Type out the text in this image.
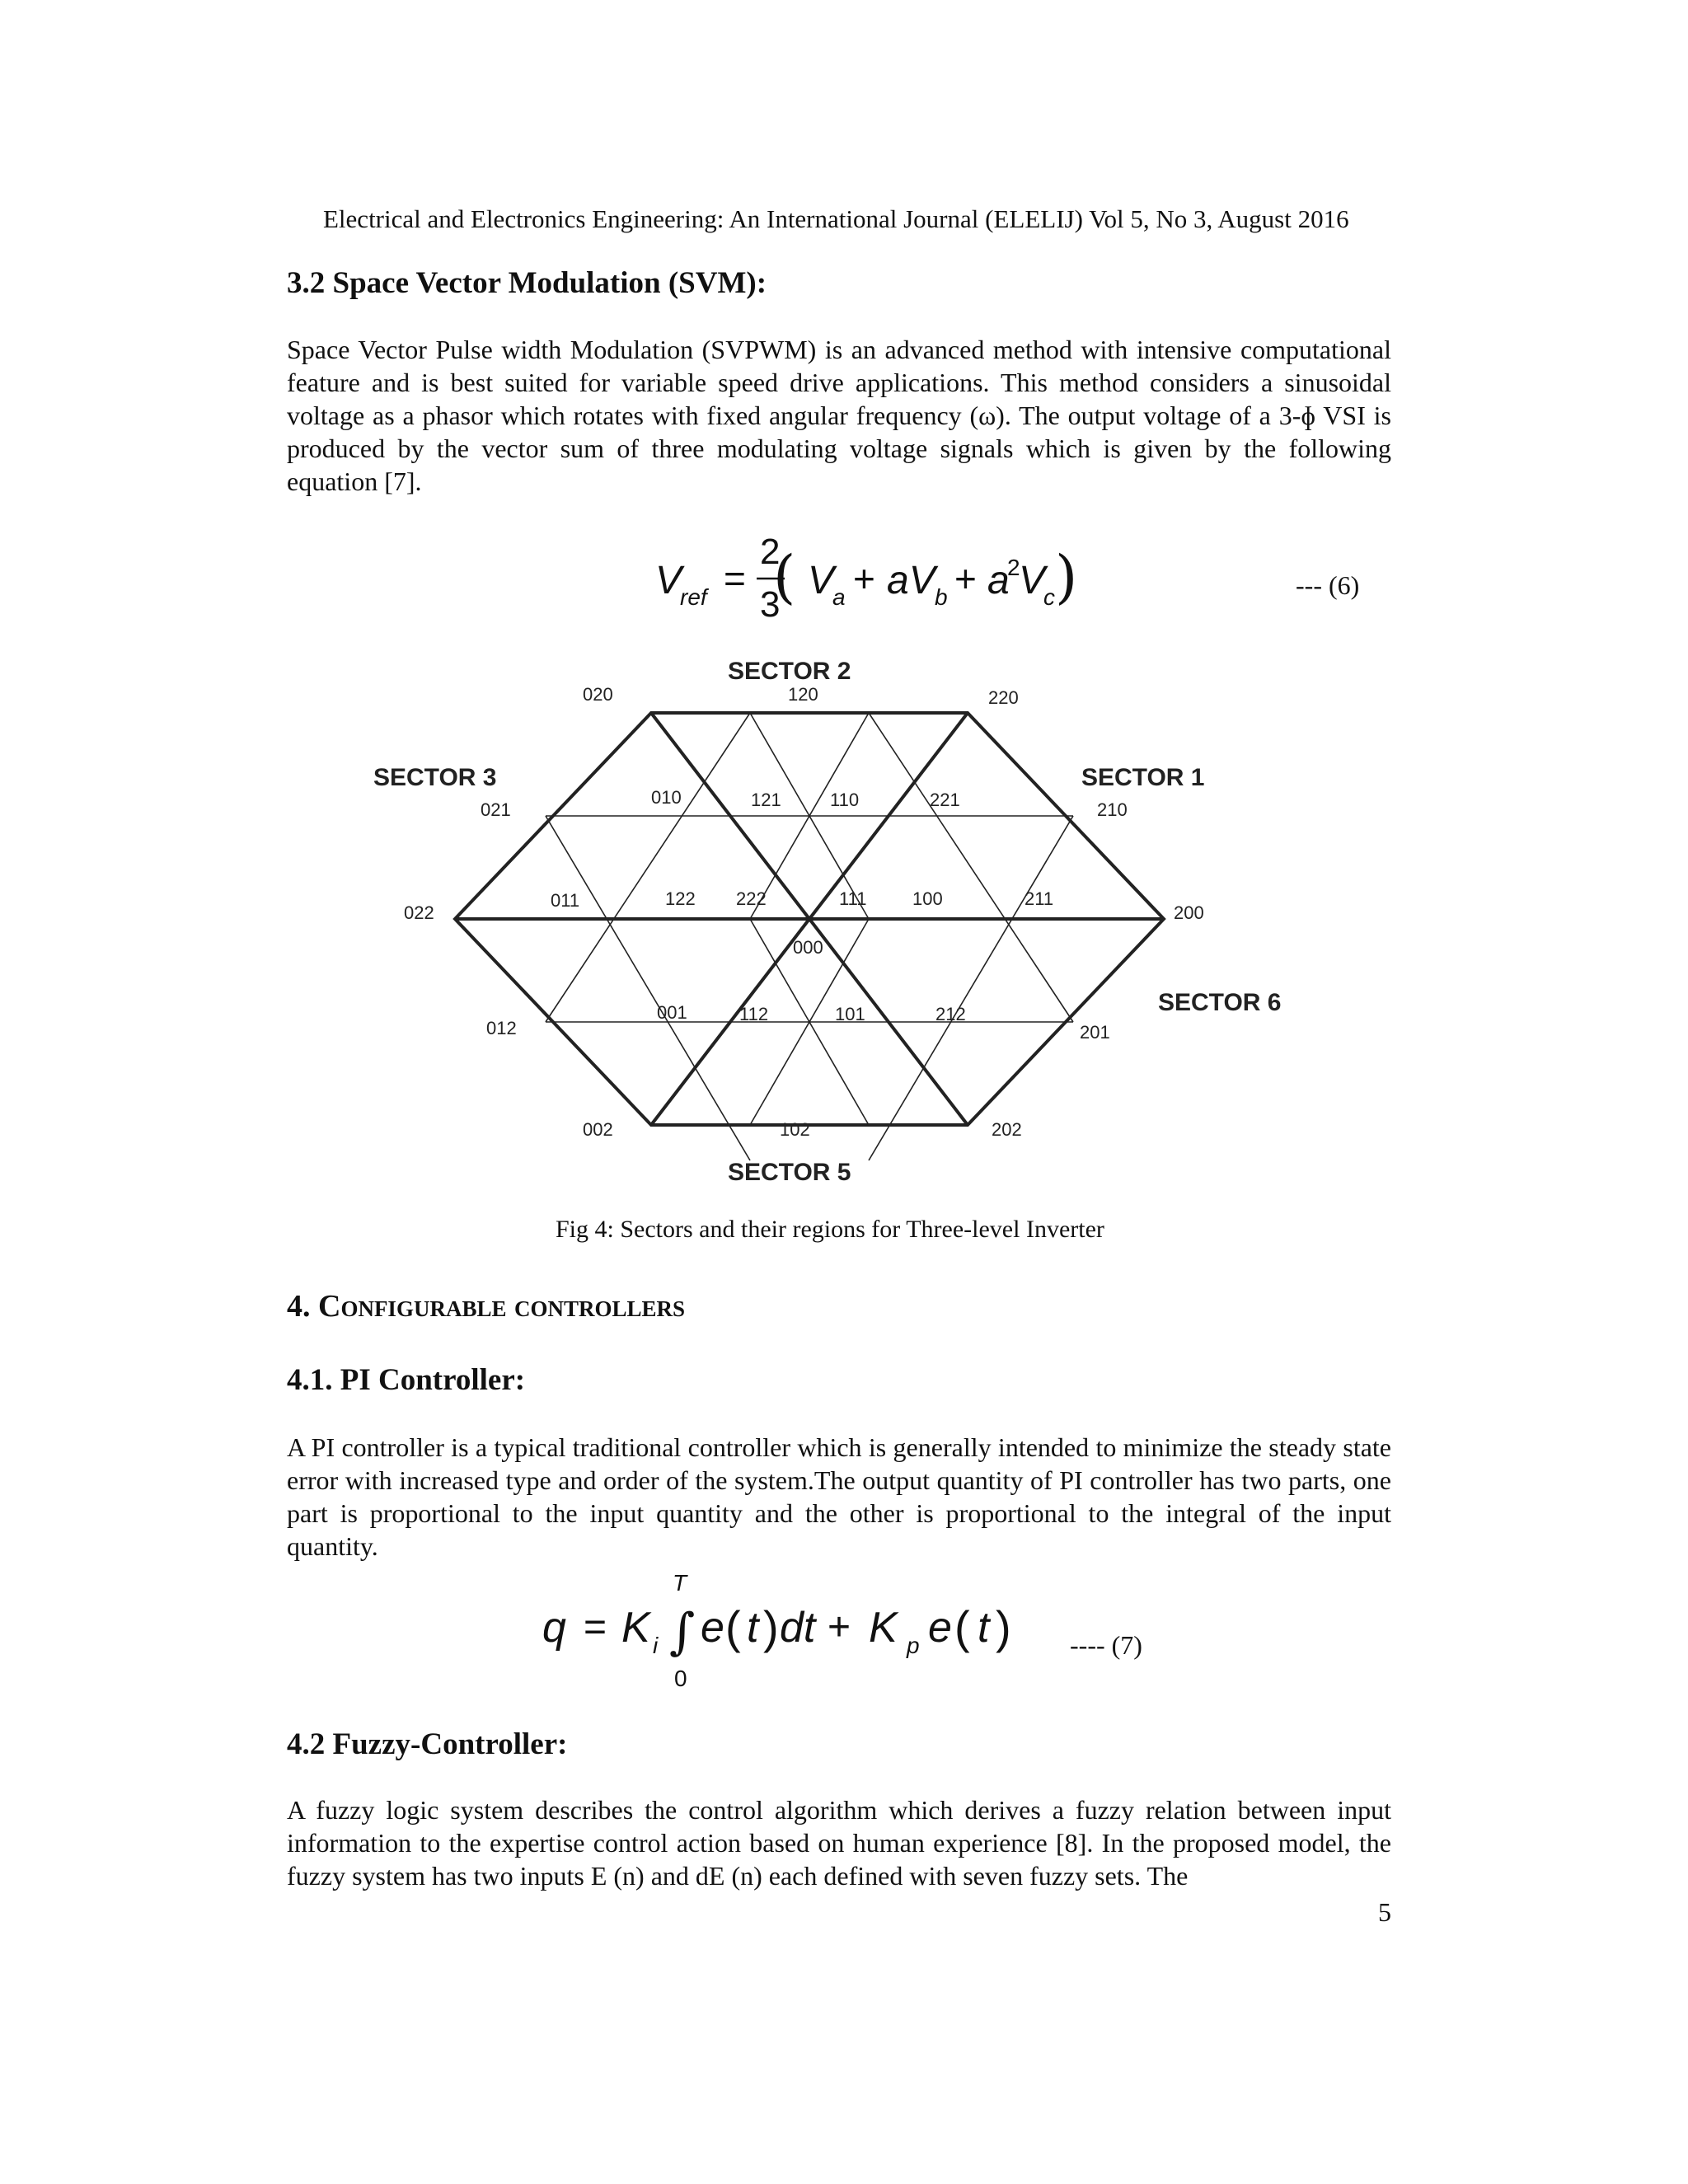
Electrical and Electronics Engineering: An International Journal (ELELIJ) Vol 5, No 3, August 2016
3.2 Space Vector Modulation (SVM):

Space Vector Pulse width Modulation (SVPWM) is an advanced method with intensive computational feature and is best suited for variable speed drive applications. This method considers a sinusoidal voltage as a phasor which rotates with fixed angular frequency (ω). The output voltage of a 3-ɸ VSI is produced by the vector sum of three modulating voltage signals which is given by the following equation [7].

V
ref =
2
3
( V
a + aV b + a
2
V
c )	--- (6)
SECTOR 2
SECTOR 3	SECTOR 1
SECTOR 6
SECTOR 5
020	120	220
021
010	121	110	221	210
022
011	122 222	111	100	211
200
000
012
001	112	101	212
201
002	102	202
Fig 4: Sectors and their regions for Three-level Inverter
4. Configurable controllers
4.1. PI Controller:

A PI controller is a typical traditional controller which is generally intended to minimize the steady state error with increased type and order of the system.The output quantity of PI controller has two parts, one part is proportional to the input quantity and the other is proportional to the integral of the input quantity.

q = K i ∫
T
0
e ( t ) dt + K p e ( t ) ---- (7)
4.2 Fuzzy-Controller:

A fuzzy logic system describes the control algorithm which derives a fuzzy relation between input information to the expertise control action based on human experience [8]. In the proposed model, the fuzzy system has two inputs E (n) and dE (n) each defined with seven fuzzy sets. The

5
